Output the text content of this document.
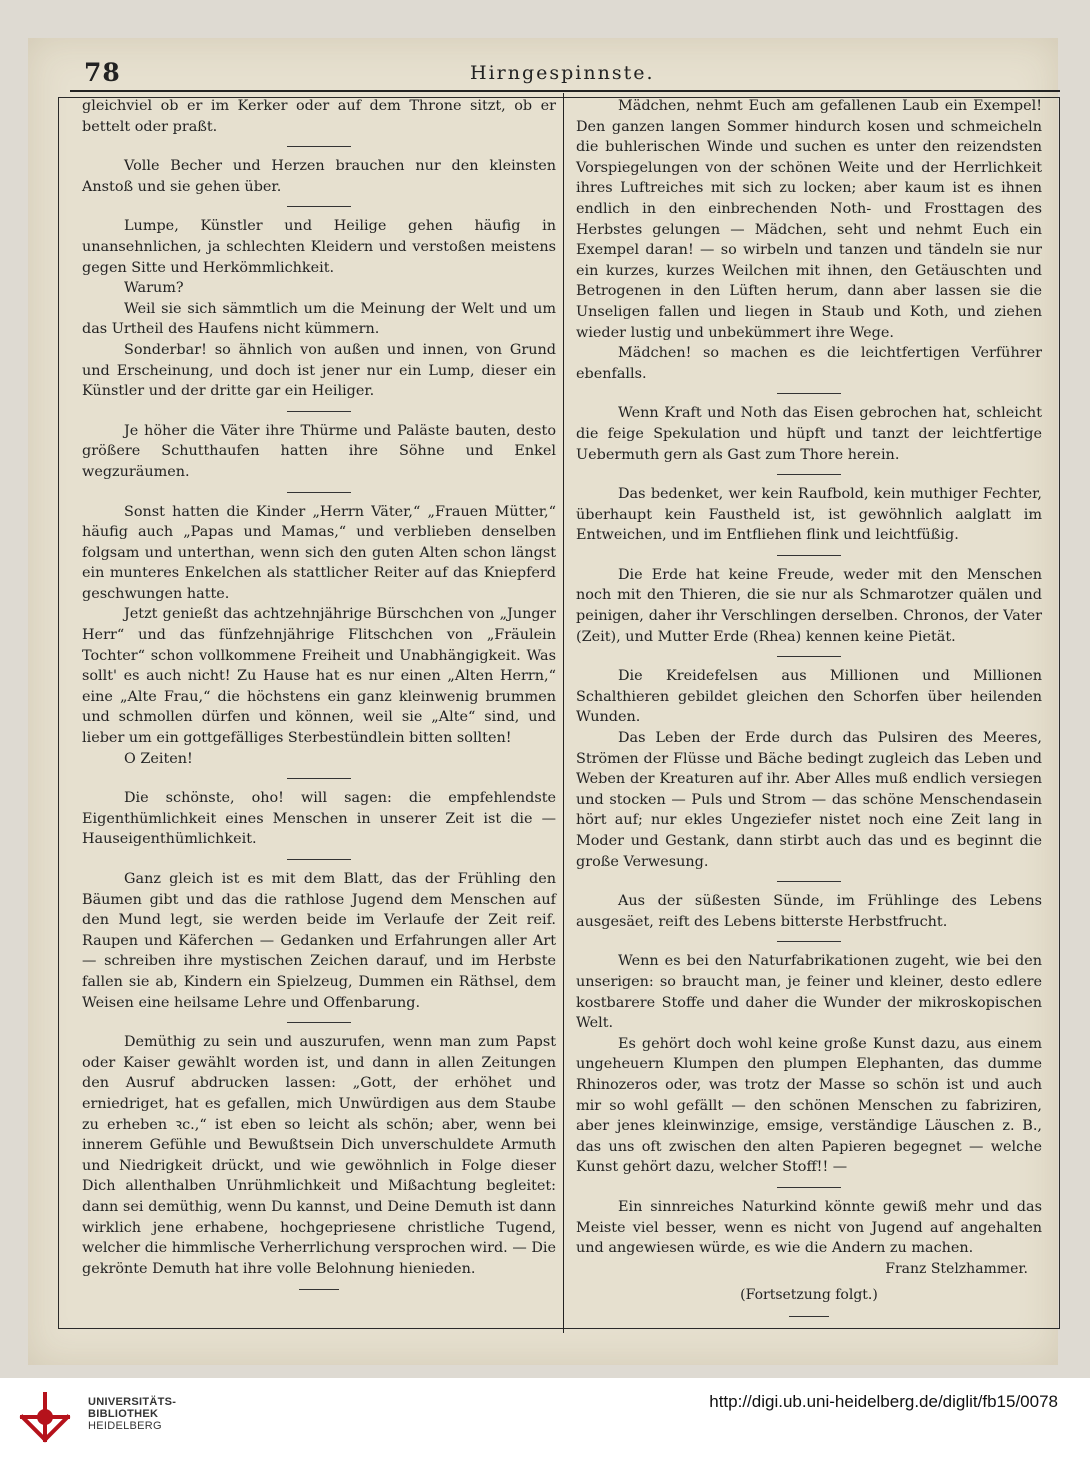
78	Hirngespinnste.

gleichviel ob er im Kerker oder auf dem Throne sitzt, ob er bettelt oder praßt.

Volle Becher und Herzen brauchen nur den kleinsten Anstoß und sie gehen über.

Lumpe, Künstler und Heilige gehen häufig in unansehnlichen, ja schlechten Kleidern und verstoßen meistens gegen Sitte und Herkömmlichkeit.

Warum?

Weil sie sich sämmtlich um die Meinung der Welt und um das Urtheil des Haufens nicht kümmern.

Sonderbar! so ähnlich von außen und innen, von Grund und Erscheinung, und doch ist jener nur ein Lump, dieser ein Künstler und der dritte gar ein Heiliger.

Je höher die Väter ihre Thürme und Paläste bauten, desto größere Schutthaufen hatten ihre Söhne und Enkel wegzuräumen.

Sonst hatten die Kinder „Herrn Väter,“ „Frauen Mütter,“ häufig auch „Papas und Mamas,“ und verblieben denselben folgsam und unterthan, wenn sich den guten Alten schon längst ein munteres Enkelchen als stattlicher Reiter auf das Kniepferd geschwungen hatte.

Jetzt genießt das achtzehnjährige Bürschchen von „Junger Herr“ und das fünfzehnjährige Flitschchen von „Fräulein Tochter“ schon vollkommene Freiheit und Unabhängigkeit. Was sollt' es auch nicht! Zu Hause hat es nur einen „Alten Herrn,“ eine „Alte Frau,“ die höchstens ein ganz kleinwenig brummen und schmollen dürfen und können, weil sie „Alte“ sind, und lieber um ein gottgefälliges Sterbestündlein bitten sollten!

O Zeiten!

Die schönste, oho! will sagen: die empfehlendste Eigenthümlichkeit eines Menschen in unserer Zeit ist die — Hauseigenthümlichkeit.

Ganz gleich ist es mit dem Blatt, das der Frühling den Bäumen gibt und das die rathlose Jugend dem Menschen auf den Mund legt, sie werden beide im Verlaufe der Zeit reif. Raupen und Käferchen — Gedanken und Erfahrungen aller Art — schreiben ihre mystischen Zeichen darauf, und im Herbste fallen sie ab, Kindern ein Spielzeug, Dummen ein Räthsel, dem Weisen eine heilsame Lehre und Offenbarung.

Demüthig zu sein und auszurufen, wenn man zum Papst oder Kaiser gewählt worden ist, und dann in allen Zeitungen den Ausruf abdrucken lassen: „Gott, der erhöhet und erniedriget, hat es gefallen, mich Unwürdigen aus dem Staube zu erheben ꝛc.,“ ist eben so leicht als schön; aber, wenn bei innerem Gefühle und Bewußtsein Dich unverschuldete Armuth und Niedrigkeit drückt, und wie gewöhnlich in Folge dieser Dich allenthalben Unrühmlichkeit und Mißachtung begleitet: dann sei demüthig, wenn Du kannst, und Deine Demuth ist dann wirklich jene erhabene, hochgepriesene christliche Tugend, welcher die himmlische Verherrlichung versprochen wird. — Die gekrönte Demuth hat ihre volle Belohnung hienieden.

Mädchen, nehmt Euch am gefallenen Laub ein Exempel! Den ganzen langen Sommer hindurch kosen und schmeicheln die buhlerischen Winde und suchen es unter den reizendsten Vorspiegelungen von der schönen Weite und der Herrlichkeit ihres Luftreiches mit sich zu locken; aber kaum ist es ihnen endlich in den einbrechenden Noth- und Frosttagen des Herbstes gelungen — Mädchen, seht und nehmt Euch ein Exempel daran! — so wirbeln und tanzen und tändeln sie nur ein kurzes, kurzes Weilchen mit ihnen, den Getäuschten und Betrogenen in den Lüften herum, dann aber lassen sie die Unseligen fallen und liegen in Staub und Koth, und ziehen wieder lustig und unbekümmert ihre Wege.

Mädchen! so machen es die leichtfertigen Verführer ebenfalls.

Wenn Kraft und Noth das Eisen gebrochen hat, schleicht die feige Spekulation und hüpft und tanzt der leichtfertige Uebermuth gern als Gast zum Thore herein.

Das bedenket, wer kein Raufbold, kein muthiger Fechter, überhaupt kein Faustheld ist, ist gewöhnlich aalglatt im Entweichen, und im Entfliehen flink und leichtfüßig.

Die Erde hat keine Freude, weder mit den Menschen noch mit den Thieren, die sie nur als Schmarotzer quälen und peinigen, daher ihr Verschlingen derselben. Chronos, der Vater (Zeit), und Mutter Erde (Rhea) kennen keine Pietät.

Die Kreidefelsen aus Millionen und Millionen Schalthieren gebildet gleichen den Schorfen über heilenden Wunden.

Das Leben der Erde durch das Pulsiren des Meeres, Strömen der Flüsse und Bäche bedingt zugleich das Leben und Weben der Kreaturen auf ihr. Aber Alles muß endlich versiegen und stocken — Puls und Strom — das schöne Menschendasein hört auf; nur ekles Ungeziefer nistet noch eine Zeit lang in Moder und Gestank, dann stirbt auch das und es beginnt die große Verwesung.

Aus der süßesten Sünde, im Frühlinge des Lebens ausgesäet, reift des Lebens bitterste Herbstfrucht.

Wenn es bei den Naturfabrikationen zugeht, wie bei den unserigen: so braucht man, je feiner und kleiner, desto edlere kostbarere Stoffe und daher die Wunder der mikroskopischen Welt.

Es gehört doch wohl keine große Kunst dazu, aus einem ungeheuern Klumpen den plumpen Elephanten, das dumme Rhinozeros oder, was trotz der Masse so schön ist und auch mir so wohl gefällt — den schönen Menschen zu fabriziren, aber jenes kleinwinzige, emsige, verständige Läuschen z. B., das uns oft zwischen den alten Papieren begegnet — welche Kunst gehört dazu, welcher Stoff!! —

Ein sinnreiches Naturkind könnte gewiß mehr und das Meiste viel besser, wenn es nicht von Jugend auf angehalten und angewiesen würde, es wie die Andern zu machen.

Franz Stelzhammer.

(Fortsetzung folgt.)

UNIVERSITÄTS-
BIBLIOTHEK
HEIDELBERG
http://digi.ub.uni-heidelberg.de/diglit/fb15/0078
